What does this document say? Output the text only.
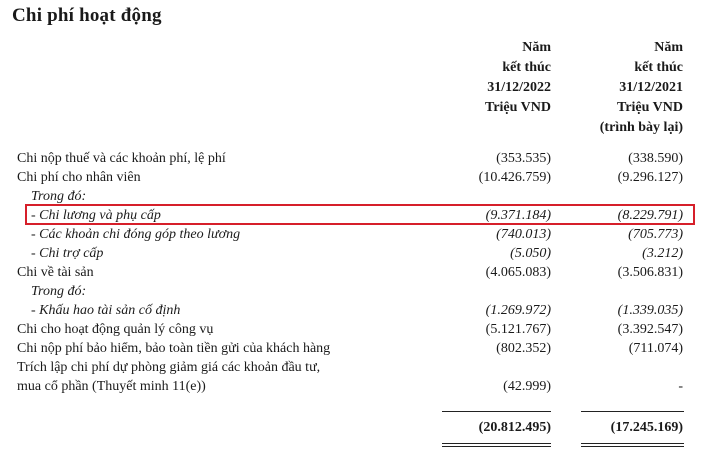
Chi phí hoạt động
Năm
kết thúc
31/12/2022
Triệu VND
Năm
kết thúc
31/12/2021
Triệu VND
(trình bày lại)
Chi nộp thuế và các khoản phí, lệ phí	(353.535)	(338.590)
Chi phí cho nhân viên	(10.426.759)	(9.296.127)
Trong đó:
- Chi lương và phụ cấp	(9.371.184)	(8.229.791)
- Các khoản chi đóng góp theo lương	(740.013)	(705.773)
- Chi trợ cấp	(5.050)	(3.212)
Chi về tài sản	(4.065.083)	(3.506.831)
Trong đó:
- Khấu hao tài sản cố định	(1.269.972)	(1.339.035)
Chi cho hoạt động quản lý công vụ	(5.121.767)	(3.392.547)
Chi nộp phí bảo hiểm, bảo toàn tiền gửi của khách hàng	(802.352)	(711.074)
Trích lập chi phí dự phòng giảm giá các khoản đầu tư,
mua cổ phần (Thuyết minh 11(e))	(42.999)	-
(20.812.495)	(17.245.169)
